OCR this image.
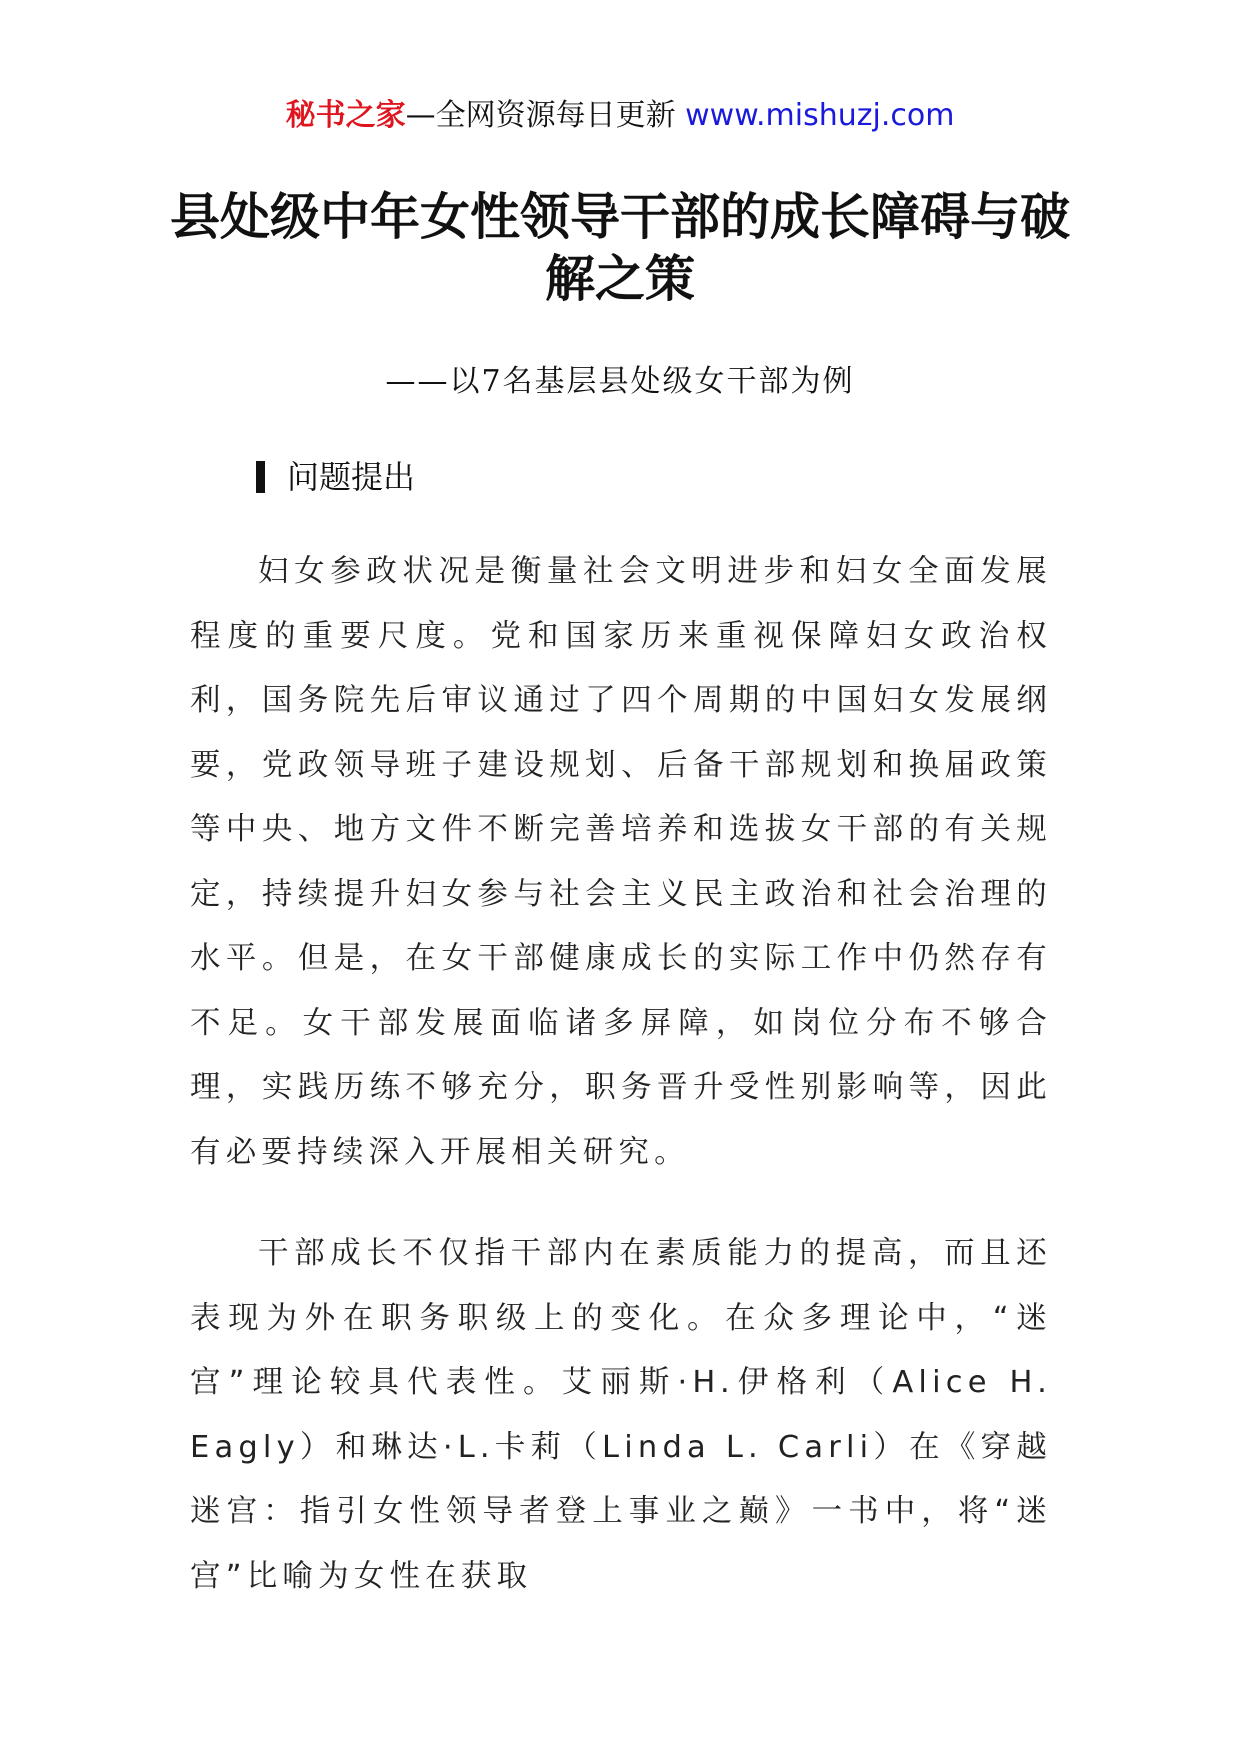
秘书之家—全网资源每日更新 www.mishuzj.com
县处级中年女性领导干部的成长障碍与破
解之策
——以7名基层县处级女干部为例
问题提出

妇女参政状况是衡量社会文明进步和妇女全面发展程度的重要尺度。党和国家历来重视保障妇女政治权利，国务院先后审议通过了四个周期的中国妇女发展纲要，党政领导班子建设规划、后备干部规划和换届政策等中央、地方文件不断完善培养和选拔女干部的有关规定，持续提升妇女参与社会主义民主政治和社会治理的水平。但是，在女干部健康成长的实际工作中仍然存有不足。女干部发展面临诸多屏障，如岗位分布不够合理，实践历练不够充分，职务晋升受性别影响等，因此有必要持续深入开展相关研究。

干部成长不仅指干部内在素质能力的提高，而且还表现为外在职务职级上的变化。在众多理论中，“迷宫”理论较具代表性。艾丽斯·H.伊格利（Alice H. Eagly）和琳达·L.卡莉（Linda L. Carli）在《穿越迷宫：指引女性领导者登上事业之巅》一书中，将“迷宫”比喻为女性在获取
